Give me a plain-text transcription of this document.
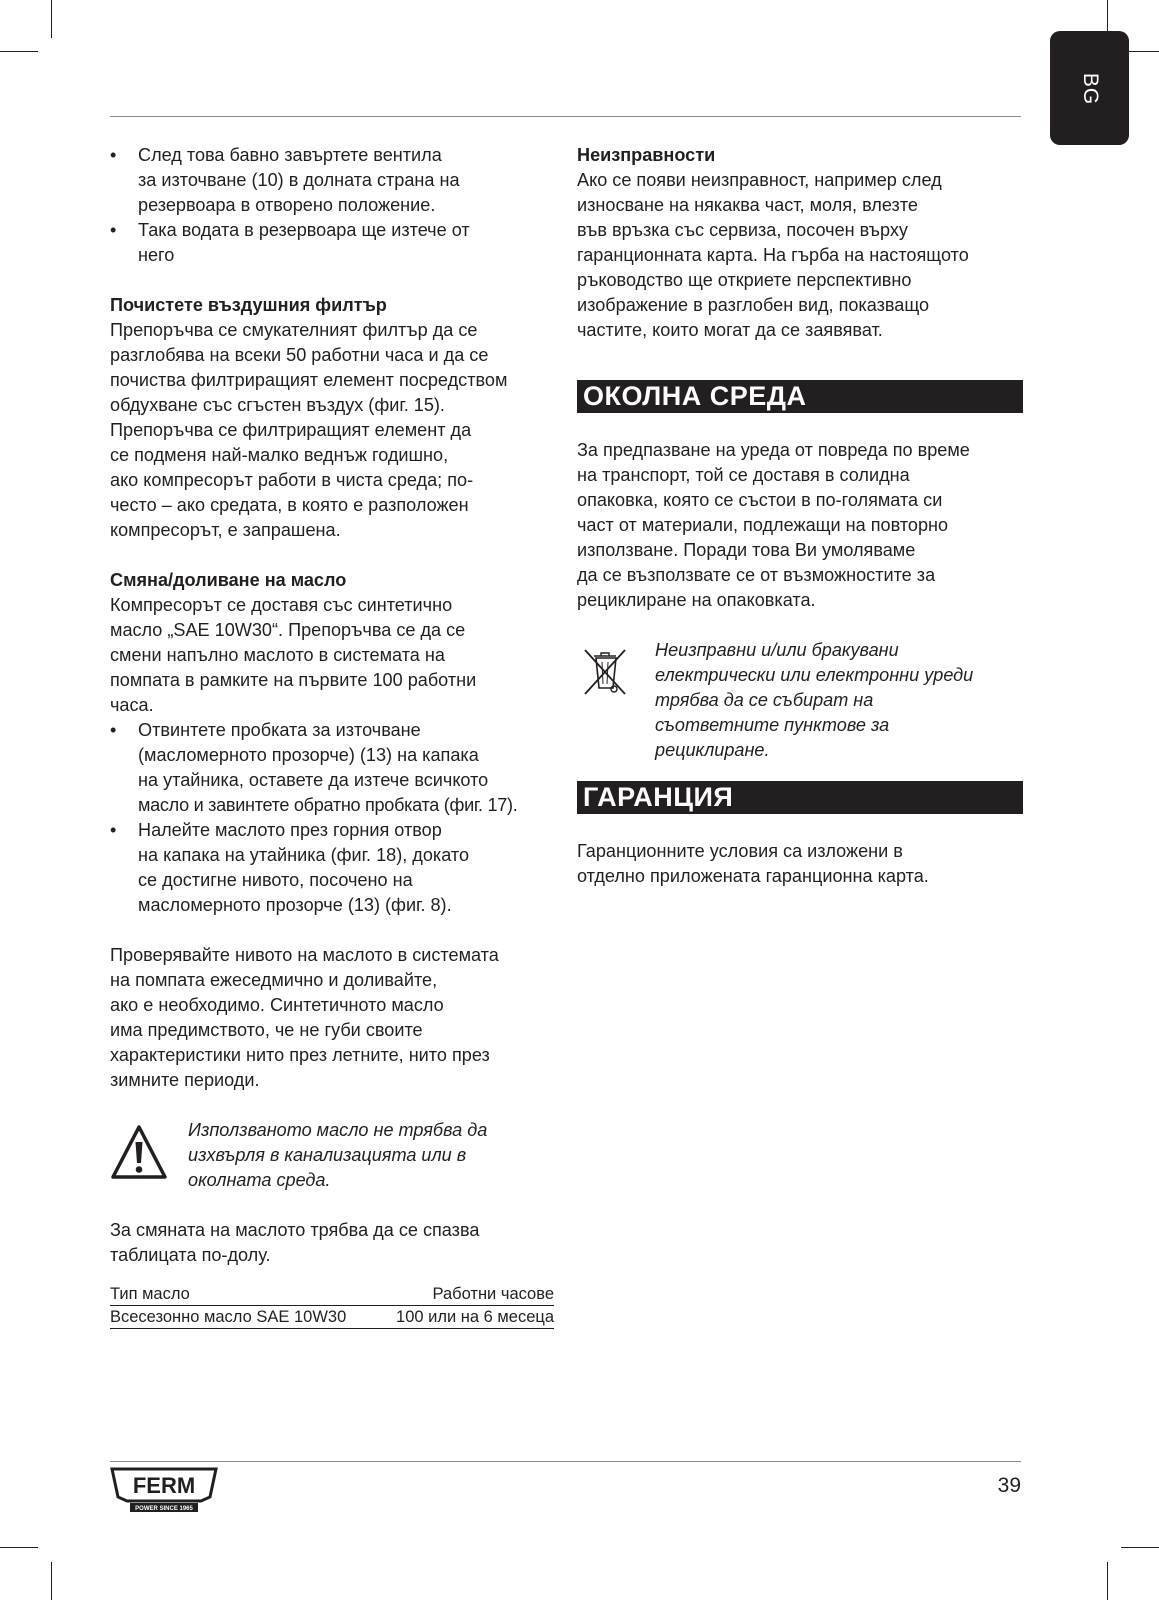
BG
• След това бавно завъртете вентила
за източване (10) в долната страна на
резервоара в отворено положение.
• Така водата в резервоара ще изтече от
него
Почистете въздушния филтър
Препоръчва се смукателният филтър да се
разглобява на всеки 50 работни часа и да се
почиства филтриращият елемент посредством
обдухване със сгъстен въздух (фиг. 15).
Препоръчва се филтриращият елемент да
се подменя най-малко веднъж годишно,
ако компресорът работи в чиста среда; по-
често – ако средата, в която е разположен
компресорът, е запрашена.
Смяна/доливане на масло
Компресорът се доставя със синтетично
масло „SAE 10W30“. Препоръчва се да се
смени напълно маслото в системата на
помпата в рамките на първите 100 работни
часа.
• Отвинтете пробката за източване
(масломерното прозорче) (13) на капака
на утайника, оставете да изтече всичкото
масло и завинтете обратно пробката (фиг. 17).
• Налейте маслото през горния отвор
на капака на утайника (фиг. 18), докато
се достигне нивото, посочено на
масломерното прозорче (13) (фиг. 8).
Проверявайте нивото на маслото в системата
на помпата ежеседмично и доливайте,
ако е необходимо. Синтетичното масло
има предимството, че не губи своите
характеристики нито през летните, нито през
зимните периоди.
Използваното масло не трябва да
изхвърля в канализацията или в
околната среда.
За смяната на маслото трябва да се спазва
таблицата по-долу.
Тип масло	Работни часове
Всесезонно масло SAE 10W30	100 или на 6 месеца
Неизправности
Ако се появи неизправност, например след
износване на някаква част, моля, влезте
във връзка със сервиза, посочен върху
гаранционната карта. На гърба на настоящото
ръководство ще откриете перспективно
изображение в разглобен вид, показващо
частите, които могат да се заявяват.
ОКОЛНА СРЕДА
За предпазване на уреда от повреда по време
на транспорт, той се доставя в солидна
опаковка, която се състои в по-голямата си
част от материали, подлежащи на повторно
използване. Поради това Ви умоляваме
да се възползвате се от възможностите за
рециклиране на опаковката.
Неизправни и/или бракувани
електрически или електронни уреди
трябва да се събират на
съответните пунктове за
рециклиране.
ГАРАНЦИЯ
Гаранционните условия са изложени в
отделно приложената гаранционна карта.
FERM
POWER SINCE 1965
39
